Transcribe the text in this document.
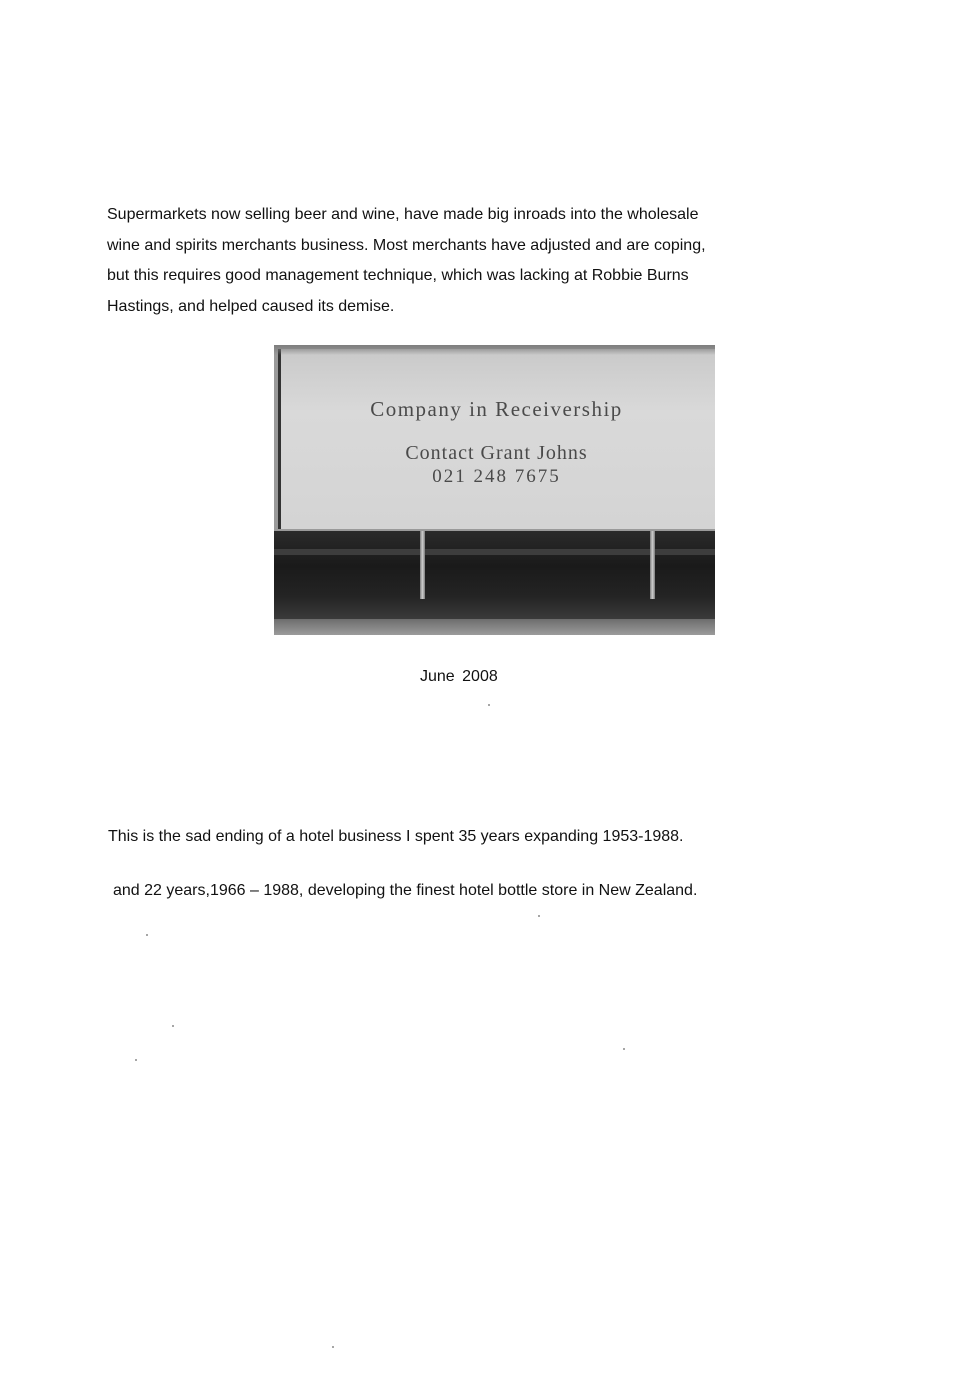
Supermarkets now selling beer and wine, have made big inroads into the wholesale
wine and spirits merchants business. Most merchants have adjusted and are coping,
but this requires good management technique, which was lacking at Robbie Burns
Hastings, and helped caused its demise.

Company in Receivership
Contact Grant Johns
021 248 7675
June 2008
This is the sad ending of a hotel business I spent 35 years expanding 1953-1988.
and 22 years,1966 – 1988, developing the finest hotel bottle store in New Zealand.
